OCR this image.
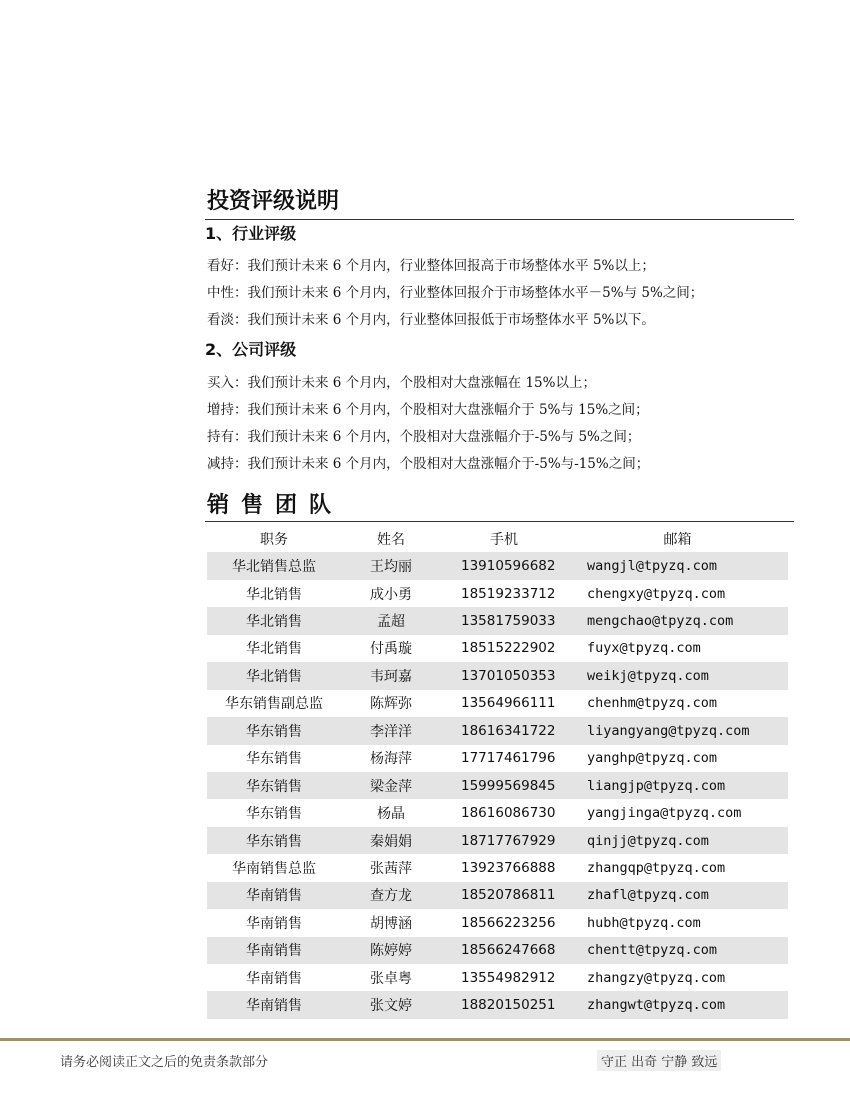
投资评级说明
1、行业评级
看好：我们预计未来 6 个月内，行业整体回报高于市场整体水平 5%以上；
中性：我们预计未来 6 个月内，行业整体回报介于市场整体水平－5%与 5%之间；
看淡：我们预计未来 6 个月内，行业整体回报低于市场整体水平 5%以下。
2、公司评级
买入：我们预计未来 6 个月内，个股相对大盘涨幅在 15%以上；
增持：我们预计未来 6 个月内，个股相对大盘涨幅介于 5%与 15%之间；
持有：我们预计未来 6 个月内，个股相对大盘涨幅介于-5%与 5%之间；
减持：我们预计未来 6 个月内，个股相对大盘涨幅介于-5%与-15%之间；
销售团队
职务	姓名	手机	邮箱
华北销售总监	王均丽	13910596682	wangjl@tpyzq.com
华北销售	成小勇	18519233712	chengxy@tpyzq.com
华北销售	孟超	13581759033	mengchao@tpyzq.com
华北销售	付禹璇	18515222902	fuyx@tpyzq.com
华北销售	韦珂嘉	13701050353	weikj@tpyzq.com
华东销售副总监	陈辉弥	13564966111	chenhm@tpyzq.com
华东销售	李洋洋	18616341722	liyangyang@tpyzq.com
华东销售	杨海萍	17717461796	yanghp@tpyzq.com
华东销售	梁金萍	15999569845	liangjp@tpyzq.com
华东销售	杨晶	18616086730	yangjinga@tpyzq.com
华东销售	秦娟娟	18717767929	qinjj@tpyzq.com
华南销售总监	张茜萍	13923766888	zhangqp@tpyzq.com
华南销售	查方龙	18520786811	zhafl@tpyzq.com
华南销售	胡博涵	18566223256	hubh@tpyzq.com
华南销售	陈婷婷	18566247668	chentt@tpyzq.com
华南销售	张卓粤	13554982912	zhangzy@tpyzq.com
华南销售	张文婷	18820150251	zhangwt@tpyzq.com
请务必阅读正文之后的免责条款部分	守正 出奇 宁静 致远
